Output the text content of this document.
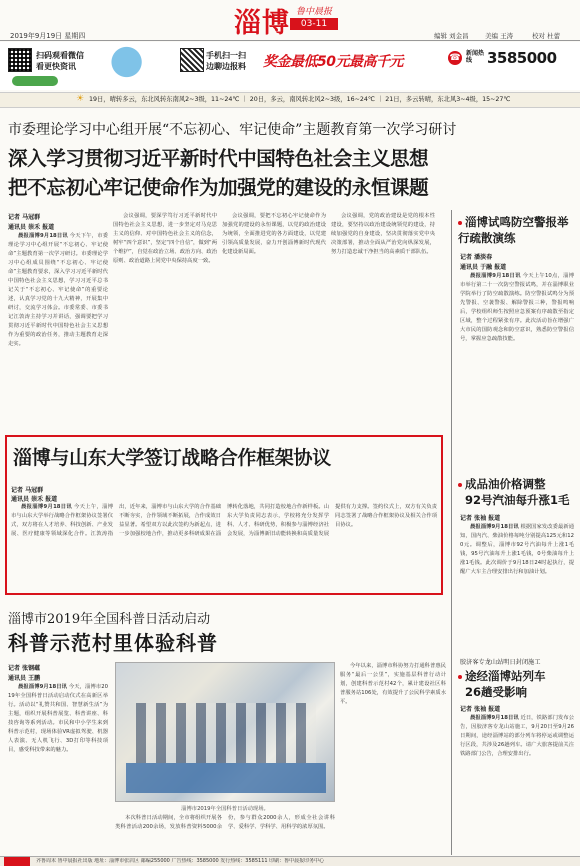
淄博 鲁中晨报
03-11
2019年9月19日 星期四	编辑 刘金昌	美编 王涛	校对 杜蕾
扫码观看微信
看更快资讯
手机扫一扫
边聊边报料 奖金最低50元最高千元	☎ 新闻热线 3585000
☀ 19日，晴转多云，东北风转东南风2~3级，11~24℃ ｜ 20日，多云，南风转北风2~3级，16~24℃ ｜ 21日，多云转晴，东北风3~4级，15~27℃
市委理论学习中心组开展“不忘初心、牢记使命”主题教育第一次学习研讨
深入学习贯彻习近平新时代中国特色社会主义思想
把不忘初心牢记使命作为加强党的建设的永恒课题
记者 马冠群
通讯员 崇禾 报道

晨报淄博9月18日讯 今天下午，市委理论学习中心组开展“不忘初心、牢记使命”主题教育第一次学习研讨。市委理论学习中心组成员围绕“不忘初心、牢记使命”主题教育要求，深入学习习近平新时代中国特色社会主义思想，学习习近平总书记关于“不忘初心、牢记使命”的重要论述，认真学习党的十九大精神，开展集中研讨，交流学习体会。市委常委、市委书记江敦涛主持学习并讲话，强调要把学习贯彻习近平新时代中国特色社会主义思想作为重要的政治任务，推动主题教育走深走实。

会议强调，要深学笃行习近平新时代中国特色社会主义思想，进一步坚定对马克思主义的信仰、对中国特色社会主义的信念，树牢“四个意识”，坚定“四个自信”，做到“两个维护”，自觉在政治立场、政治方向、政治原则、政治道路上同党中央保持高度一致。

会议强调，要把不忘初心牢记使命作为加强党的建设的永恒课题，以党的政治建设为统领，全面推进党的各方面建设，以党建引领高质量发展，奋力开创淄博新时代现代化建设新局面。

会议强调，党的政治建设是党的根本性建设，要坚持以政治建设统领党的建设，持续加强党的自身建设，坚决贯彻落实党中央决策部署，推动全面从严治党向纵深发展，努力打造忠诚干净担当的高素质干部队伍。

淄博试鸣防空警报举行疏散演练
记者 潘淡春
通讯员 于融 报道

晨报淄博9月18日讯 今天上午10点，淄博市举行第二十一次防空警报试鸣，并在淄博职业学院举行了防空疏散演练。防空警报试鸣分为预先警报、空袭警报、解除警报三种，警报鸣响后，学校组织师生按照应急预案有序疏散至指定区域，整个过程紧张有序。此次活动旨在增强广大市民的国防观念和防空意识，熟悉防空警报信号，掌握应急疏散技能。

淄博与山东大学签订战略合作框架协议
记者 马冠群
通讯员 崇禾 报道

晨报淄博9月18日讯 今天上午，淄博市与山东大学举行战略合作框架协议签署仪式，双方将在人才培养、科技创新、产业发展、医疗健康等领域深化合作。江敦涛指出，近年来，淄博市与山东大学的合作基础不断夯实，合作领域不断拓展，合作成效日益显著。希望双方以此次签约为新起点，进一步加强校地合作，推动更多科研成果在淄博转化落地，共同打造校地合作新样板。山东大学负责同志表示，学校将充分发挥学科、人才、科研优势，积极参与淄博经济社会发展，为淄博新旧动能转换和高质量发展提供有力支撑。签约仪式上，双方有关负责同志签署了战略合作框架协议及相关合作项目协议。

成品油价格调整
92号汽油每升涨1毛
记者 张袖 报道

晨报淄博9月18日讯 根据国家发改委最新通知，国内汽、柴油价格每吨分别提高125元和120元。调整后，淄博市92号汽油每升上涨1毛钱，95号汽油每升上涨1毛钱，0号柴油每升上涨1毛钱。此次调价于9月18日24时起执行，提醒广大车主合理安排出行和加油计划。

淄博市2019年全国科普日活动启动
科普示范村里体验科普
记者 张钢蕴
通讯员 王鹏

晨报淄博9月18日讯 今天，淄博市2019年全国科普日活动启动仪式在高新区举行。活动以“礼赞共和国、智慧新生活”为主题，组织开展科普展览、科普讲座、科技咨询等系列活动。市民和中小学生来到科普示范村，现场体验VR虚拟驾驶、机器人表演、无人机飞行、3D打印等科技项目，感受科技带来的魅力。

淄博市2019年全国科普日活动现场。

本次科普日活动期间，全市将组织开展各类科普活动200余场，发放科普资料5000余份，参与群众2000余人，形成全社会讲科学、爱科学、学科学、用科学的浓厚氛围。

今年以来，淄博市科协努力打通科普惠民服务“最后一公里”，实施基层科普行动计划，创建科普示范村42个，累计建设社区科普服务站106处，有效提升了公民科学素质水平。

胶济客专龙山站明日封闭施工
途经淄博站列车
26趟受影响
记者 张袖 报道

晨报淄博9月18日讯 近日，铁路部门发布公告，因胶济客专龙山站施工，9月20日至9月26日期间，途经淄博站的部分列车将停运或调整运行区段，共涉及26趟列车。请广大旅客提前关注铁路部门公告，合理安排出行。

齐鲁周末 鲁中晨报社出版 地址：淄博市张店区 邮编255000 广告热线：3585000 发行热线：3585111 印刷：鲁中晨报印务中心
